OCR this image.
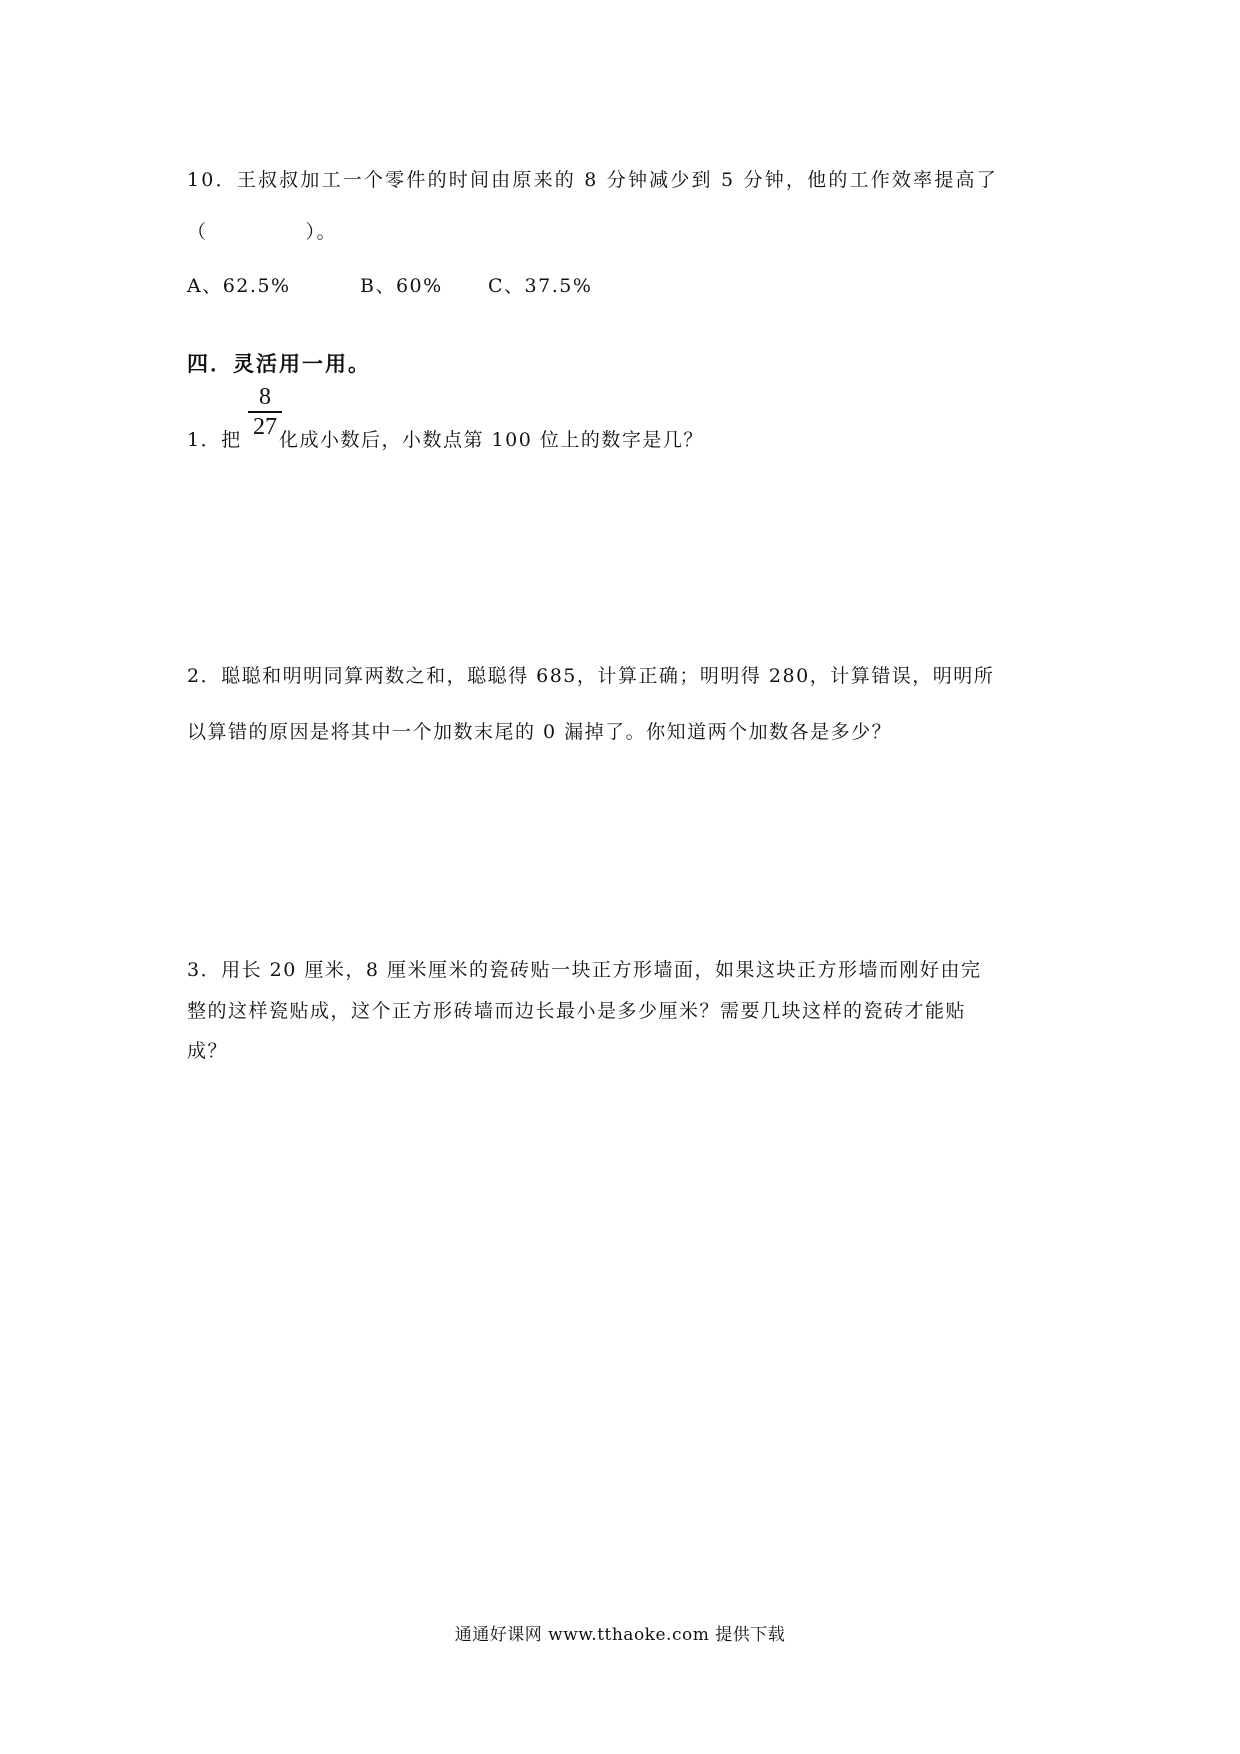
10．王叔叔加工一个零件的时间由原来的 8 分钟减少到 5 分钟，他的工作效率提高了
（	）。
A、62.5%	B、60% C、37.5%
四．灵活用一用。
8
27
1．把 化成小数后，小数点第 100 位上的数字是几？
2．聪聪和明明同算两数之和，聪聪得 685，计算正确；明明得 280，计算错误，明明所
以算错的原因是将其中一个加数末尾的 0 漏掉了。你知道两个加数各是多少？
3．用长 20 厘米，8 厘米厘米的瓷砖贴一块正方形墙面，如果这块正方形墙而刚好由完
整的这样瓷贴成，这个正方形砖墙而边长最小是多少厘米？需要几块这样的瓷砖才能贴
成？
通通好课网 www.tthaoke.com 提供下载
